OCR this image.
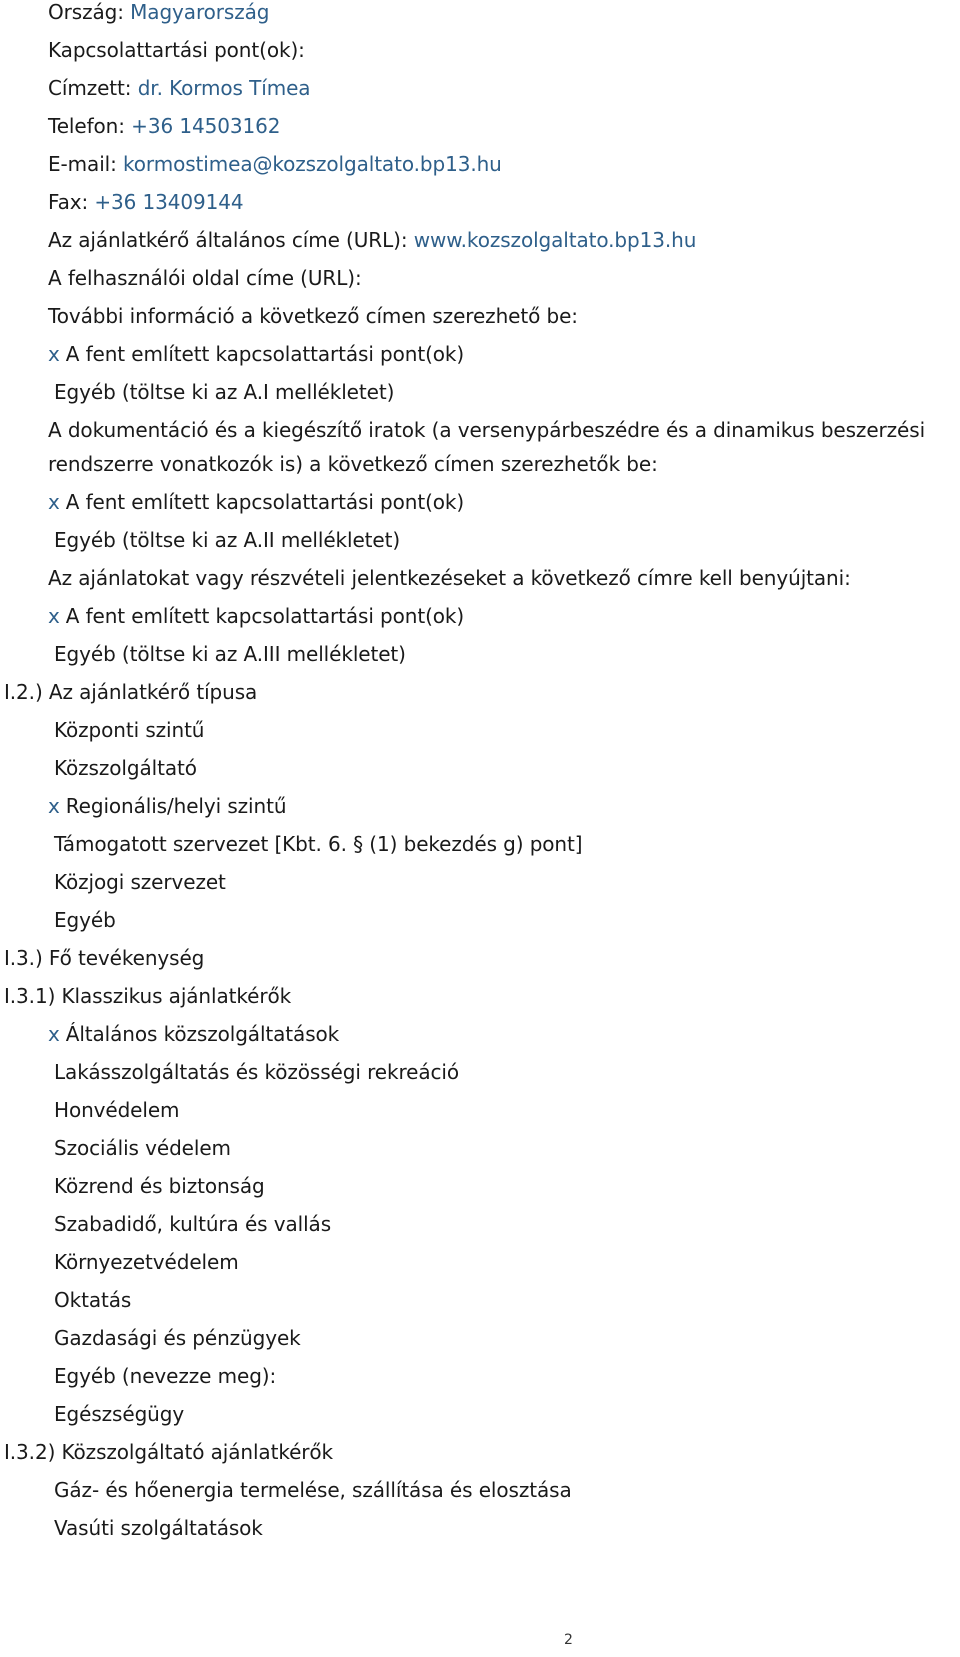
Ország: Magyarország
Kapcsolattartási pont(ok):
Címzett: dr. Kormos Tímea
Telefon: +36 14503162
E-mail: kormostimea@kozszolgaltato.bp13.hu
Fax: +36 13409144
Az ajánlatkérő általános címe (URL): www.kozszolgaltato.bp13.hu
A felhasználói oldal címe (URL):
További információ a következő címen szerezhető be:
x A fent említett kapcsolattartási pont(ok)
Egyéb (töltse ki az A.I mellékletet)
A dokumentáció és a kiegészítő iratok (a versenypárbeszédre és a dinamikus beszerzési
rendszerre vonatkozók is) a következő címen szerezhetők be:
x A fent említett kapcsolattartási pont(ok)
Egyéb (töltse ki az A.II mellékletet)
Az ajánlatokat vagy részvételi jelentkezéseket a következő címre kell benyújtani:
x A fent említett kapcsolattartási pont(ok)
Egyéb (töltse ki az A.III mellékletet)
I.2.) Az ajánlatkérő típusa
Központi szintű
Közszolgáltató
x Regionális/helyi szintű
Támogatott szervezet [Kbt. 6. § (1) bekezdés g) pont]
Közjogi szervezet
Egyéb
I.3.) Fő tevékenység
I.3.1) Klasszikus ajánlatkérők
x Általános közszolgáltatások
Lakásszolgáltatás és közösségi rekreáció
Honvédelem
Szociális védelem
Közrend és biztonság
Szabadidő, kultúra és vallás
Környezetvédelem
Oktatás
Gazdasági és pénzügyek
Egyéb (nevezze meg):
Egészségügy
I.3.2) Közszolgáltató ajánlatkérők
Gáz- és hőenergia termelése, szállítása és elosztása
Vasúti szolgáltatások
2
